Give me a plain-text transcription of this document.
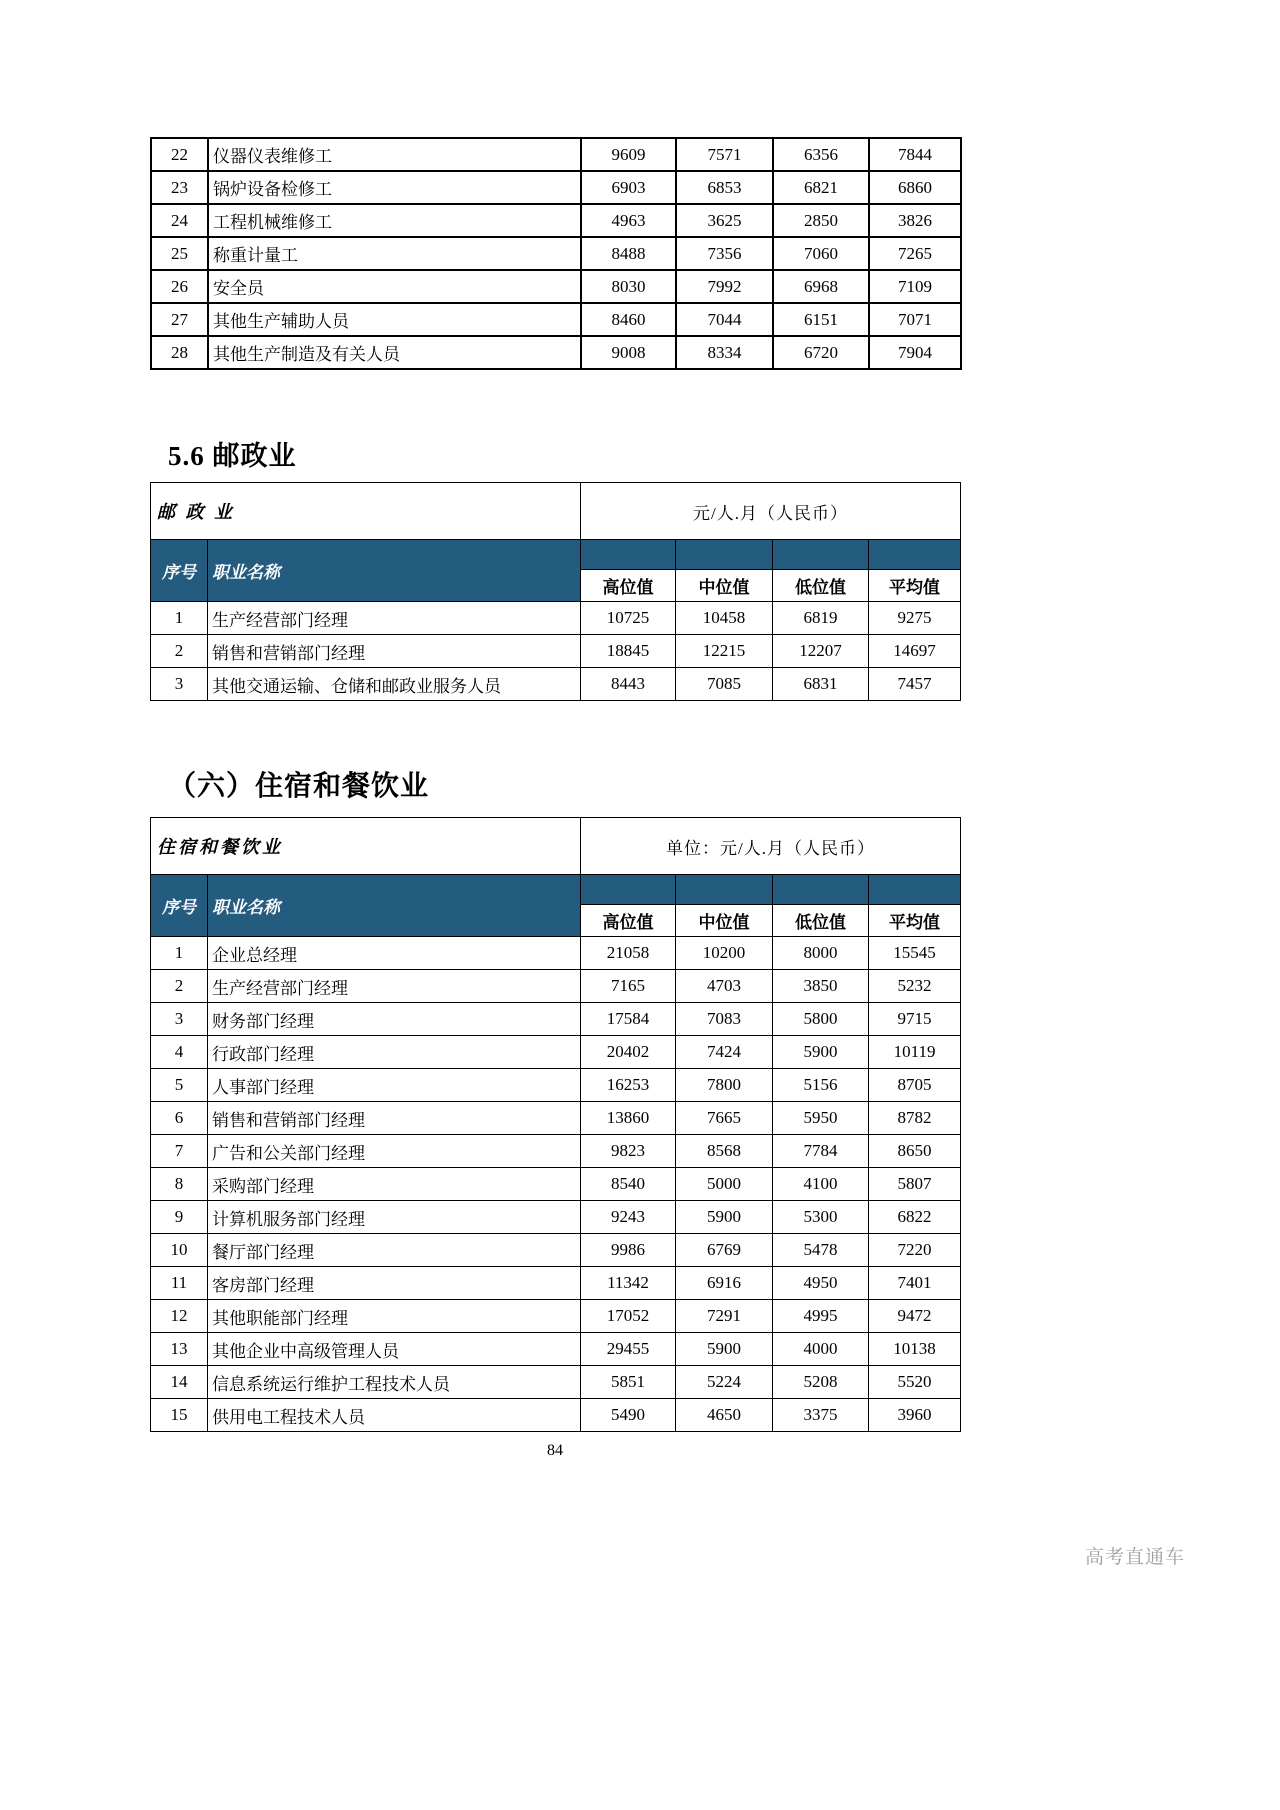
22	仪器仪表维修工	9609	7571	6356	7844
23	锅炉设备检修工	6903	6853	6821	6860
24	工程机械维修工	4963	3625	2850	3826
25	称重计量工	8488	7356	7060	7265
26	安全员	8030	7992	6968	7109
27	其他生产辅助人员	8460	7044	6151	7071
28	其他生产制造及有关人员	9008	8334	6720	7904
5.6 邮政业
邮 政 业		元/人.月（人民币）			
序号	职业名称				
		高位值	中位值	低位值	平均值
1	生产经营部门经理	10725	10458	6819	9275
2	销售和营销部门经理	18845	12215	12207	14697
3	其他交通运输、仓储和邮政业服务人员	8443	7085	6831	7457
（六）住宿和餐饮业
住宿和餐饮业		单位：元/人.月（人民币）			
序号	职业名称				
		高位值	中位值	低位值	平均值
1	企业总经理	21058	10200	8000	15545
2	生产经营部门经理	7165	4703	3850	5232
3	财务部门经理	17584	7083	5800	9715
4	行政部门经理	20402	7424	5900	10119
5	人事部门经理	16253	7800	5156	8705
6	销售和营销部门经理	13860	7665	5950	8782
7	广告和公关部门经理	9823	8568	7784	8650
8	采购部门经理	8540	5000	4100	5807
9	计算机服务部门经理	9243	5900	5300	6822
10	餐厅部门经理	9986	6769	5478	7220
11	客房部门经理	11342	6916	4950	7401
12	其他职能部门经理	17052	7291	4995	9472
13	其他企业中高级管理人员	29455	5900	4000	10138
14	信息系统运行维护工程技术人员	5851	5224	5208	5520
15	供用电工程技术人员	5490	4650	3375	3960
84
高考直通车
